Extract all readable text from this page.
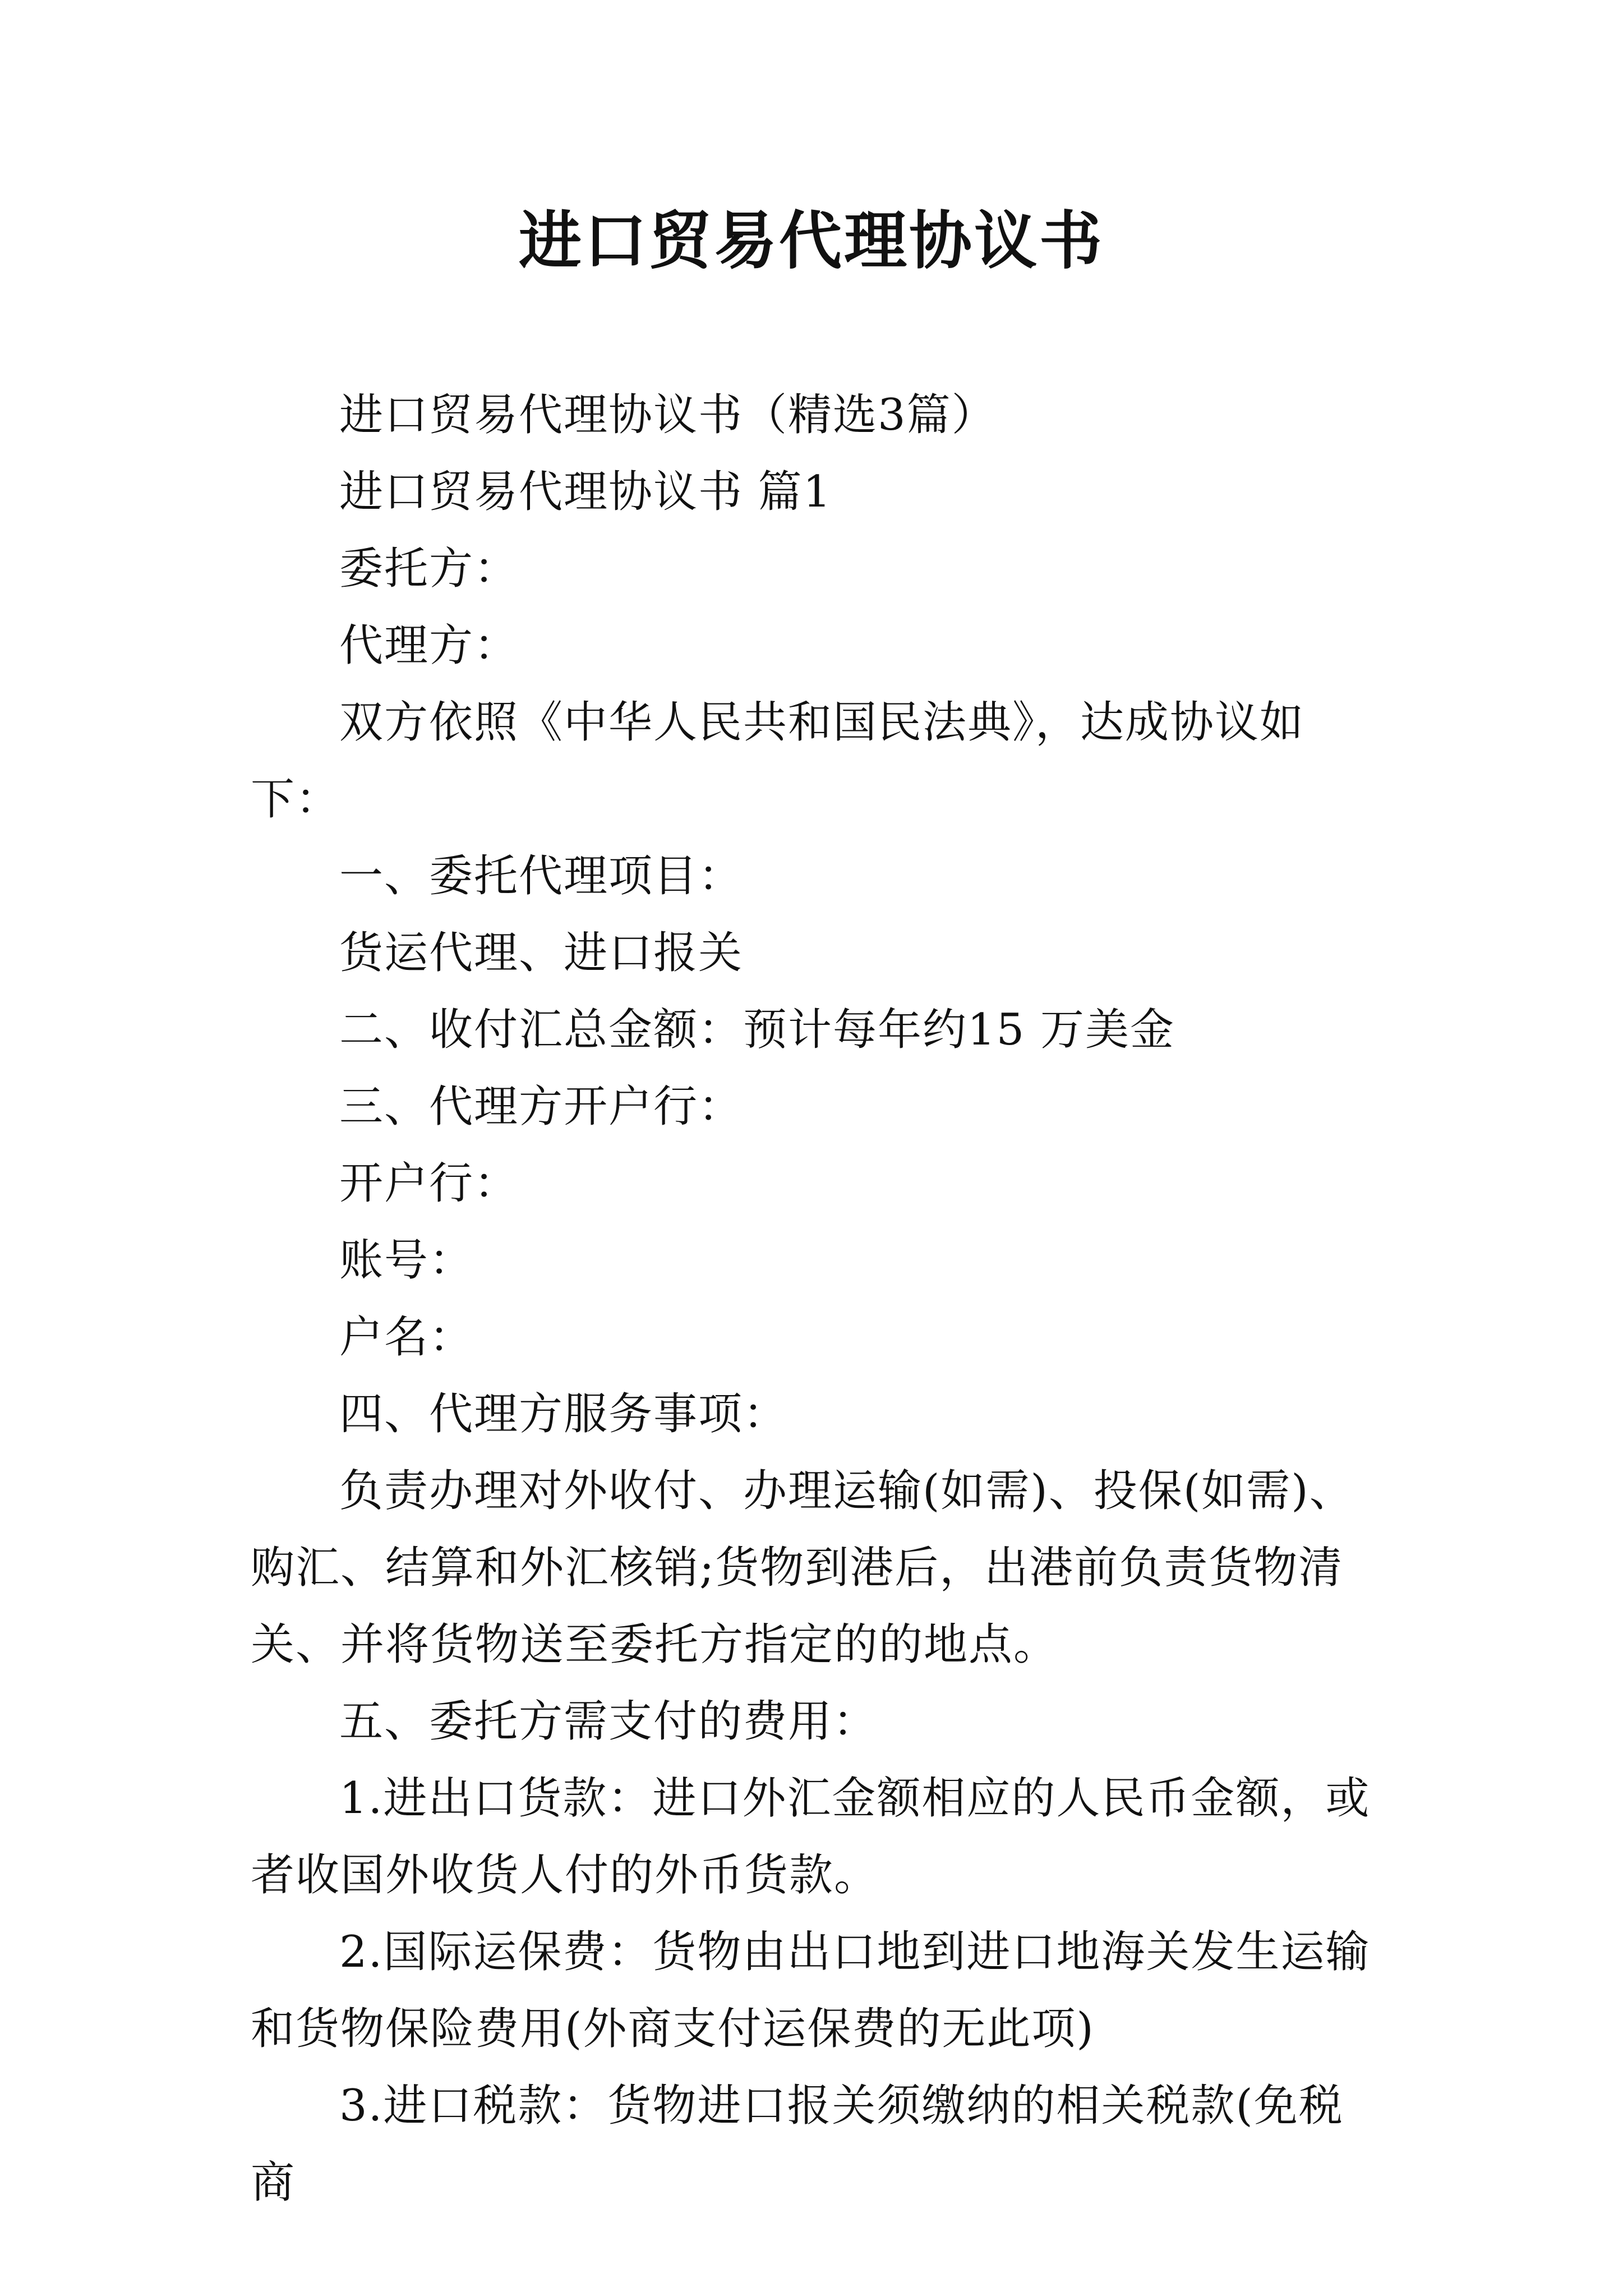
进口贸易代理协议书

进口贸易代理协议书（精选3篇）

进口贸易代理协议书 篇1

委托方：

代理方：

双方依照《中华人民共和国民法典》，达成协议如下：

一、委托代理项目：

货运代理、进口报关

二、收付汇总金额：预计每年约15 万美金

三、代理方开户行：

开户行：

账号：

户名：

四、代理方服务事项：

负责办理对外收付、办理运输(如需)、投保(如需)、购汇、结算和外汇核销;货物到港后，出港前负责货物清关、并将货物送至委托方指定的的地点。

五、委托方需支付的费用：

1.进出口货款：进口外汇金额相应的人民币金额，或者收国外收货人付的外币货款。

2.国际运保费：货物由出口地到进口地海关发生运输和货物保险费用(外商支付运保费的无此项)

3.进口税款：货物进口报关须缴纳的相关税款(免税商
